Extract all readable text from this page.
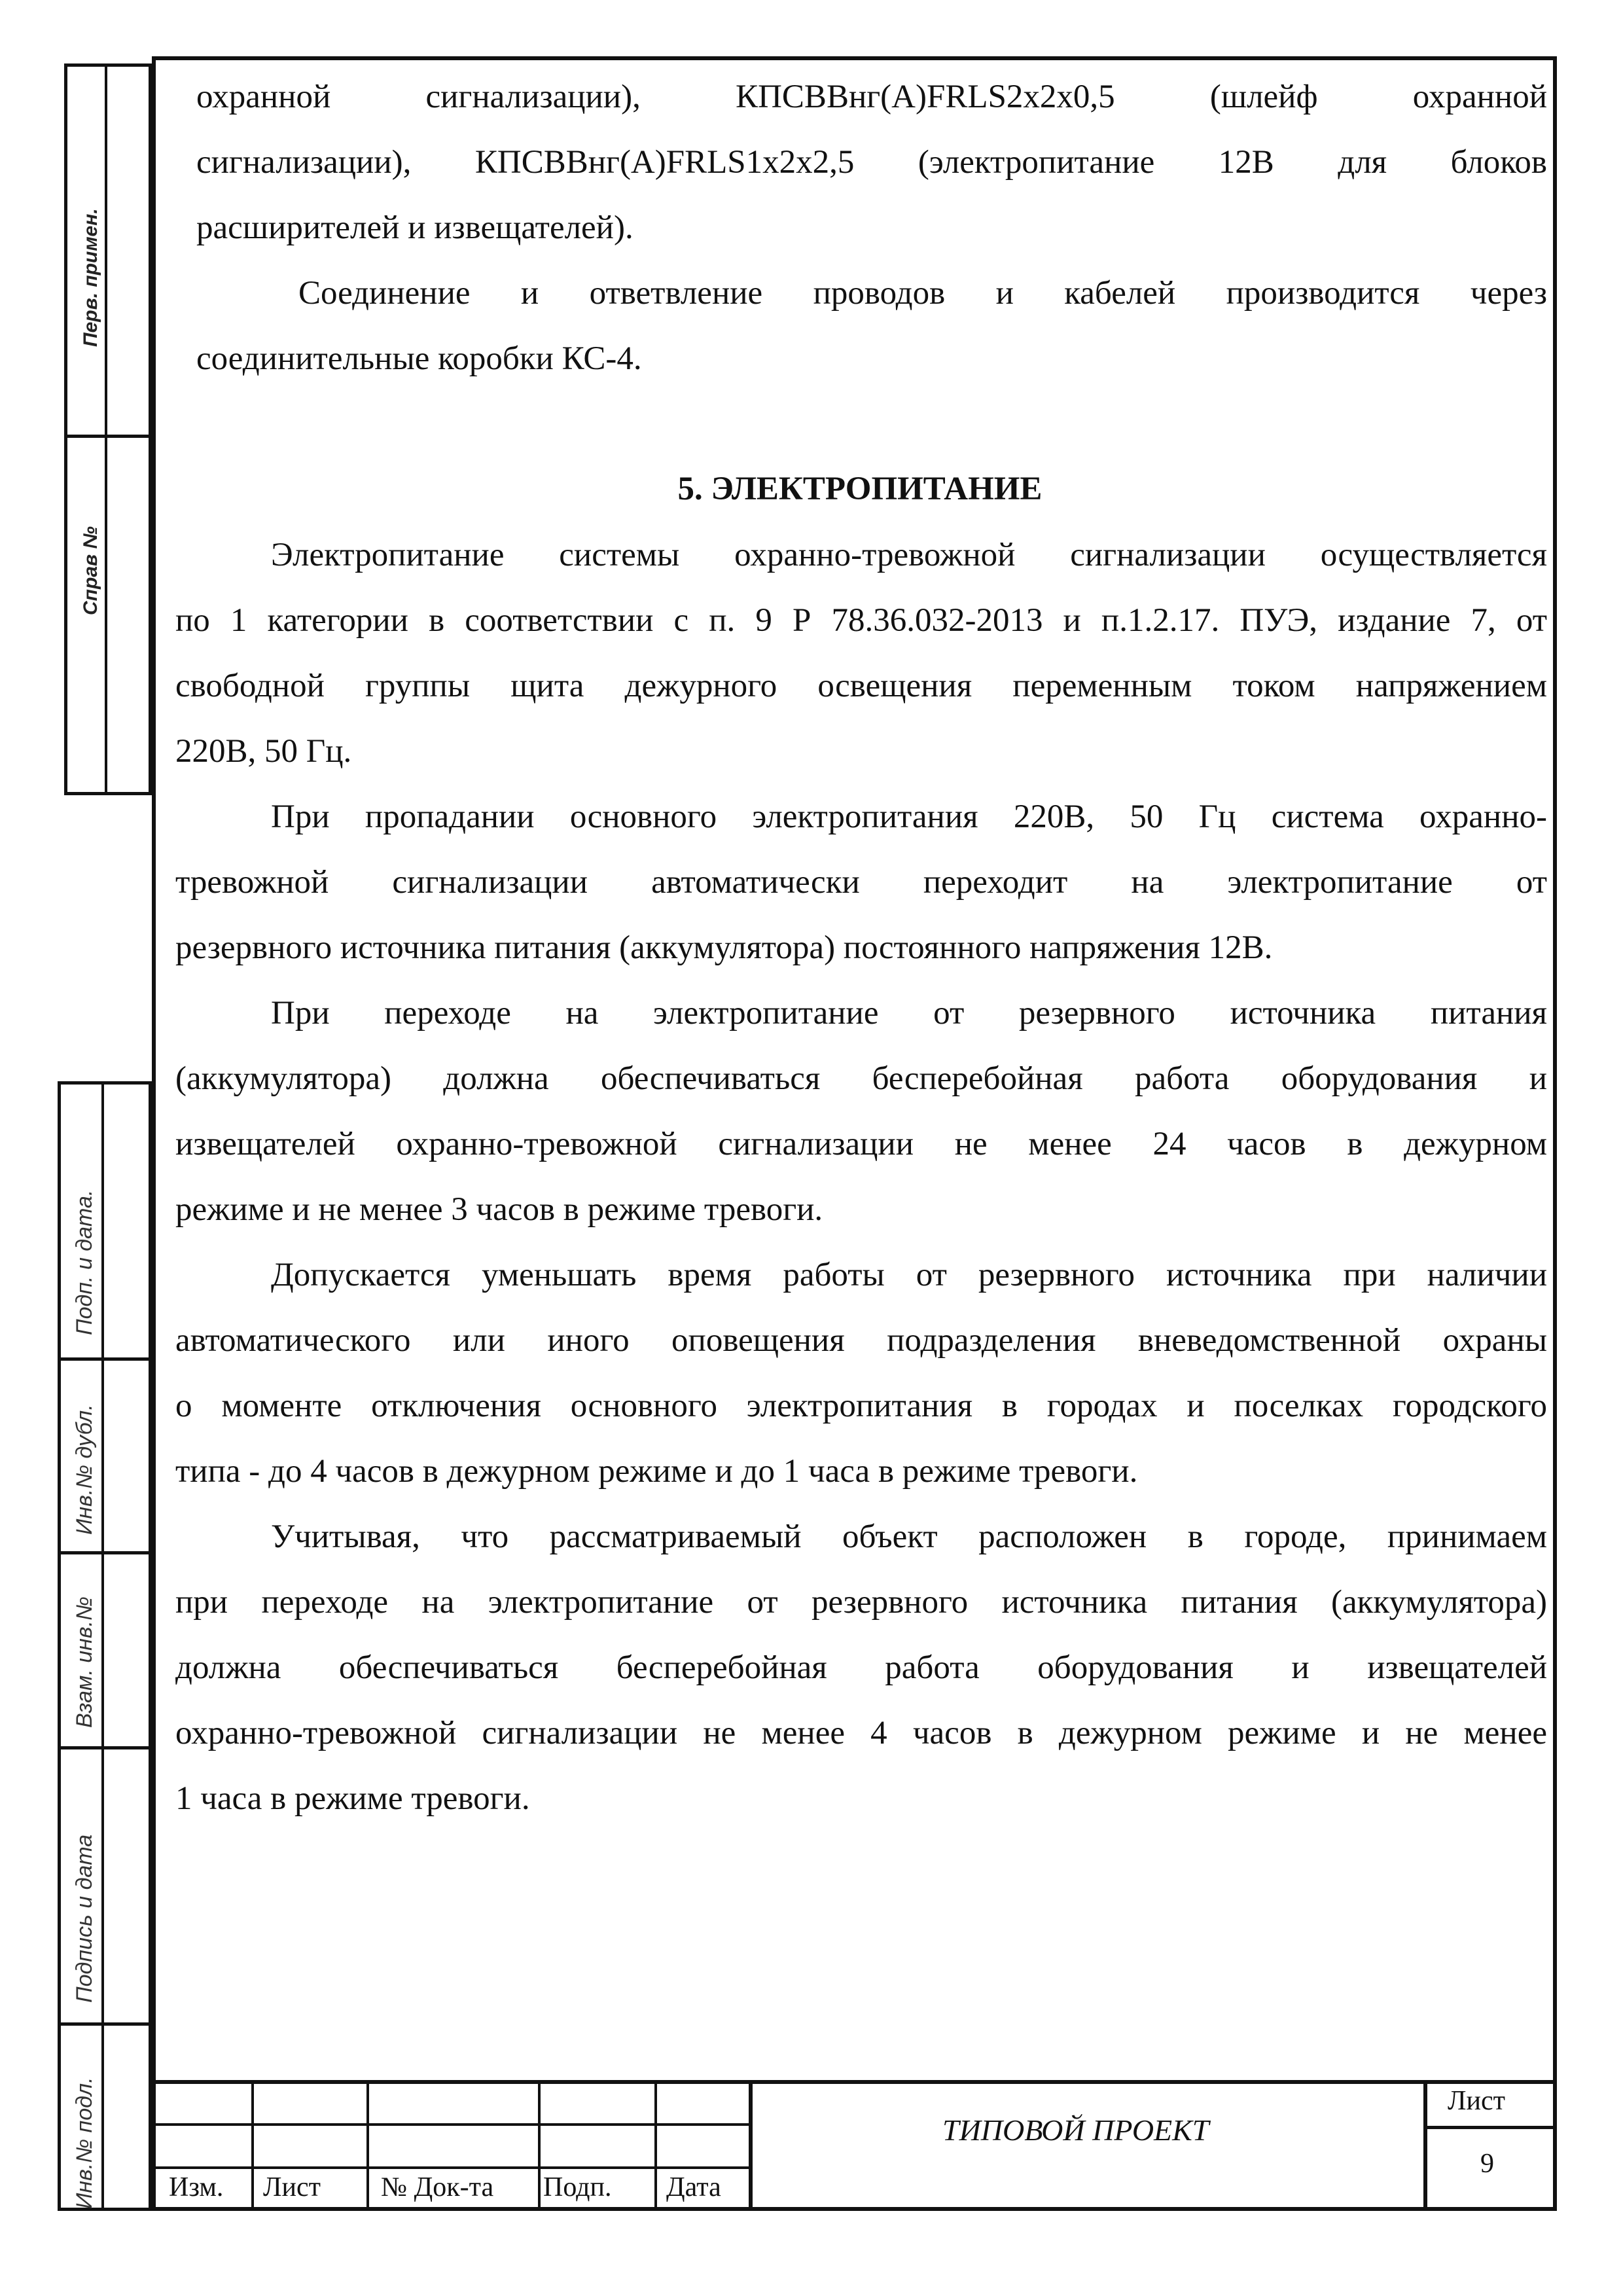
Перв. примен.
Справ №
Подп. и дата.
Инв.№ дубл.
Взам. инв.№
Подпись и дата
Инв.№ подл.
охранной сигнализации), КПСВВнг(А)FRLS2х2х0,5 (шлейф охранной
сигнализации), КПСВВнг(А)FRLS1х2х2,5 (электропитание 12В для блоков
расширителей и извещателей).
Соединение и ответвление проводов и кабелей производится через
соединительные коробки КС-4.
5. ЭЛЕКТРОПИТАНИЕ
Электропитание системы охранно-тревожной сигнализации осуществляется
по 1 категории в соответствии с п. 9 Р 78.36.032-2013 и п.1.2.17. ПУЭ, издание 7, от
свободной группы щита дежурного освещения переменным током напряжением
220В, 50 Гц.
При пропадании основного электропитания 220В, 50 Гц система охранно-
тревожной сигнализации автоматически переходит на электропитание от
резервного источника питания (аккумулятора) постоянного напряжения 12В.
При переходе на электропитание от резервного источника питания
(аккумулятора) должна обеспечиваться бесперебойная работа оборудования и
извещателей охранно-тревожной сигнализации не менее 24 часов в дежурном
режиме и не менее 3 часов в режиме тревоги.
Допускается уменьшать время работы от резервного источника при наличии
автоматического или иного оповещения подразделения вневедомственной охраны
о моменте отключения основного электропитания в городах и поселках городского
типа - до 4 часов в дежурном режиме и до 1 часа в режиме тревоги.
Учитывая, что рассматриваемый объект расположен в городе, принимаем
при переходе на электропитание от резервного источника питания (аккумулятора)
должна обеспечиваться бесперебойная работа оборудования и извещателей
охранно-тревожной сигнализации не менее 4 часов в дежурном режиме и не менее
1 часа в режиме тревоги.
Изм. Лист № Док-та Подп. Дата
ТИПОВОЙ ПРОЕКТ
Лист
9
